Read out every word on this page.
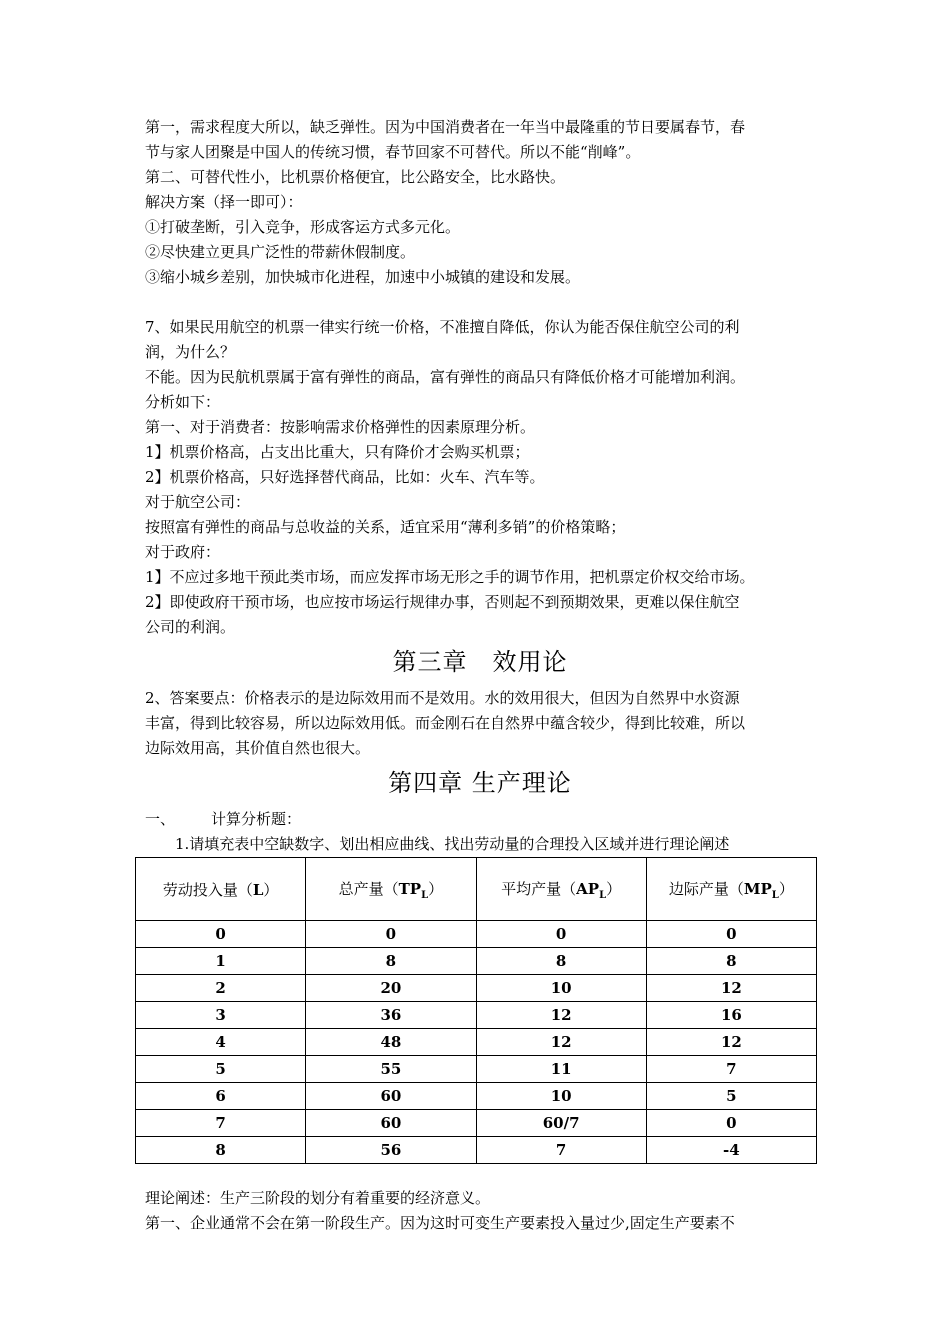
第一，需求程度大所以，缺乏弹性。因为中国消费者在一年当中最隆重的节日要属春节，春

节与家人团聚是中国人的传统习惯，春节回家不可替代。所以不能“削峰”。

第二、可替代性小，比机票价格便宜，比公路安全，比水路快。

解决方案（择一即可）：

①打破垄断，引入竞争，形成客运方式多元化。

②尽快建立更具广泛性的带薪休假制度。

③缩小城乡差别，加快城市化进程，加速中小城镇的建设和发展。

7、如果民用航空的机票一律实行统一价格，不准擅自降低，你认为能否保住航空公司的利

润，为什么？

不能。因为民航机票属于富有弹性的商品，富有弹性的商品只有降低价格才可能增加利润。

分析如下：

第一、对于消费者：按影响需求价格弹性的因素原理分析。

1】机票价格高，占支出比重大，只有降价才会购买机票；

2】机票价格高，只好选择替代商品，比如：火车、汽车等。

对于航空公司：

按照富有弹性的商品与总收益的关系，适宜采用“薄利多销”的价格策略；

对于政府：

1】不应过多地干预此类市场，而应发挥市场无形之手的调节作用，把机票定价权交给市场。

2】即使政府干预市场，也应按市场运行规律办事，否则起不到预期效果，更难以保住航空

公司的利润。

第三章　效用论

2、答案要点：价格表示的是边际效用而不是效用。水的效用很大，但因为自然界中水资源

丰富，得到比较容易，所以边际效用低。而金刚石在自然界中蕴含较少，得到比较难，所以

边际效用高，其价值自然也很大。

第四章 生产理论
一、	计算分析题：
1.请填充表中空缺数字、划出相应曲线、找出劳动量的合理投入区域并进行理论阐述
劳动投入量（L）	总产量$(TP_L)$	平均产量$(AP_L)$	边际产量$(MP_L)$
0	0	0	0
1	8	8	8
2	20	10	12
3	36	12	16
4	48	12	12
5	55	11	7
6	60	10	5
7	60	60/7	0
8	56	7	-4

理论阐述：生产三阶段的划分有着重要的经济意义。

第一、企业通常不会在第一阶段生产。因为这时可变生产要素投入量过少,固定生产要素不
